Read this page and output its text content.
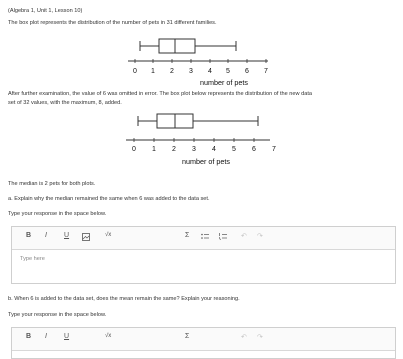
(Algebra 1, Unit 1, Lesson 10)
The box plot represents the distribution of the number of pets in 31 different families.
0 1 2 3 4 5 6 7
number of pets
After further examination, the value of 6 was omitted in error. The box plot below represents the distribution of the new data
set of 32 values, with the maximum, 8, added.
0 1 2 3 4 5 6 7
number of pets
The median is 2 pets for both plots.
a. Explain why the median remained the same when 6 was added to the data set.
Type your response in the space below.
B I U	√x	Σ	↶ ↷
Type here
b. When 6 is added to the data set, does the mean remain the same? Explain your reasoning.
Type your response in the space below.
B I U	√x	Σ	↶ ↷
